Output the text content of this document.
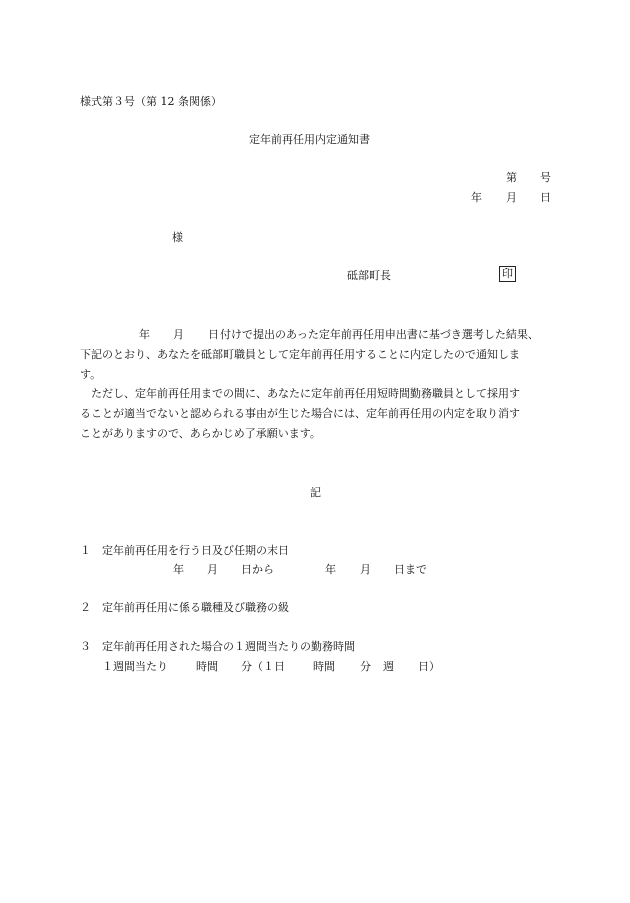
様式第３号（第 12 条関係）
定年前再任用内定通知書
第 号
年 月 日
様
砥部町長	印
年 月 日 付けで提出のあった定年前再任用申出書に基づき選考した結果、
下記のとおり、あなたを砥部町職員として定年前再任用することに内定したので通知しま
す。
ただし、定年前再任用までの間に、あなたに定年前再任用短時間勤務職員として採用す
ることが適当でないと認められる事由が生じた場合には、定年前再任用の内定を取り消す
ことがありますので、あらかじめ了承願います。
記
１ 定年前再任用を行う日及び任期の末日
年 月 日から	年 月 日まで
２ 定年前再任用に係る職種及び職務の級
３ 定年前再任用された場合の１週間当たりの勤務時間
１週間当たり	時間 分（１日	時間 分 週 日）
